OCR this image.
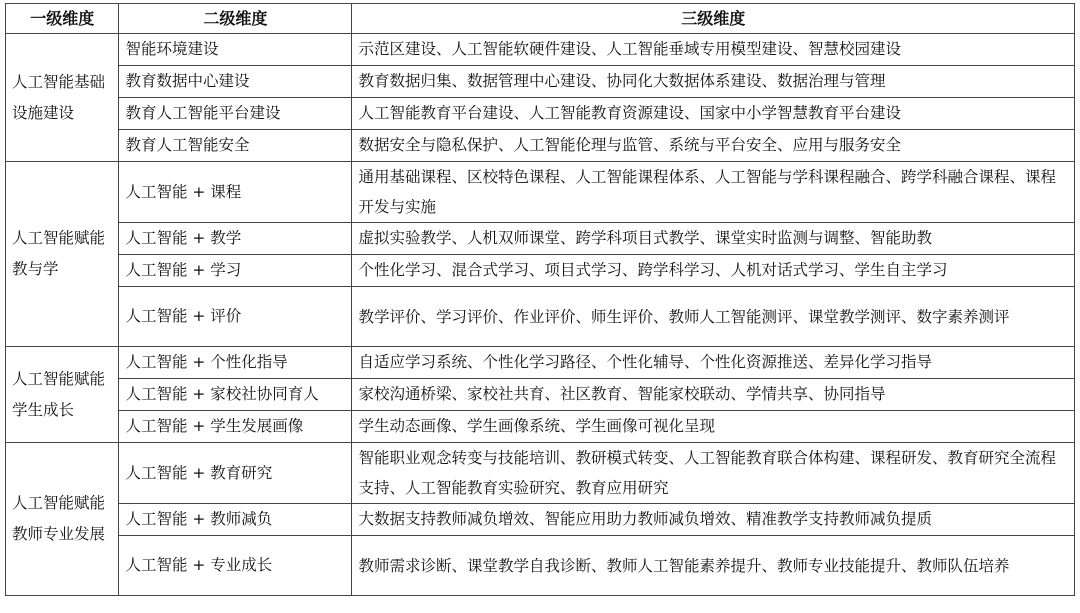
一级维度	二级维度	三级维度
人工智能基础设施建设	智能环境建设	示范区建设、人工智能软硬件建设、人工智能垂域专用模型建设、智慧校园建设
	教育数据中心建设	教育数据归集、数据管理中心建设、协同化大数据体系建设、数据治理与管理
	教育人工智能平台建设	人工智能教育平台建设、人工智能教育资源建设、国家中小学智慧教育平台建设
	教育人工智能安全	数据安全与隐私保护、人工智能伦理与监管、系统与平台安全、应用与服务安全
人工智能赋能教与学	人工智能 + 课程	通用基础课程、区校特色课程、人工智能课程体系、人工智能与学科课程融合、跨学科融合课程、课程开发与实施
	人工智能 + 教学	虚拟实验教学、人机双师课堂、跨学科项目式教学、课堂实时监测与调整、智能助教
	人工智能 + 学习	个性化学习、混合式学习、项目式学习、跨学科学习、人机对话式学习、学生自主学习
	人工智能 + 评价	教学评价、学习评价、作业评价、师生评价、教师人工智能测评、课堂教学测评、数字素养测评
人工智能赋能学生成长	人工智能 + 个性化指导	自适应学习系统、个性化学习路径、个性化辅导、个性化资源推送、差异化学习指导
	人工智能 + 家校社协同育人	家校沟通桥梁、家校社共育、社区教育、智能家校联动、学情共享、协同指导
	人工智能 + 学生发展画像	学生动态画像、学生画像系统、学生画像可视化呈现
人工智能赋能教师专业发展	人工智能 + 教育研究	智能职业观念转变与技能培训、教研模式转变、人工智能教育联合体构建、课程研发、教育研究全流程支持、人工智能教育实验研究、教育应用研究
	人工智能 + 教师减负	大数据支持教师减负增效、智能应用助力教师减负增效、精准教学支持教师减负提质
	人工智能 + 专业成长	教师需求诊断、课堂教学自我诊断、教师人工智能素养提升、教师专业技能提升、教师队伍培养
